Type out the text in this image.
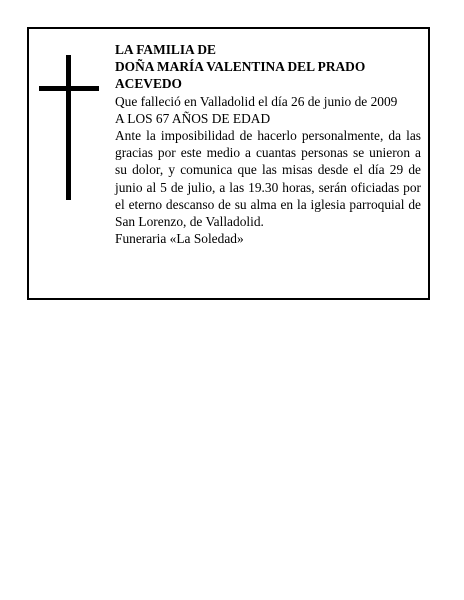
LA FAMILIA DE
DOÑA MARÍA VALENTINA DEL PRADO
ACEVEDO
Que falleció en Valladolid el día 26 de junio de 2009
A LOS 67 AÑOS DE EDAD
Ante la imposibilidad de hacerlo personalmente, da las gracias por este medio a cuantas personas se unieron a su dolor, y comunica que las misas desde el día 29 de junio al 5 de julio, a las 19.30 horas, serán oficiadas por el eterno descanso de su alma en la iglesia parroquial de San Lorenzo, de Valladolid.
Funeraria «La Soledad»
